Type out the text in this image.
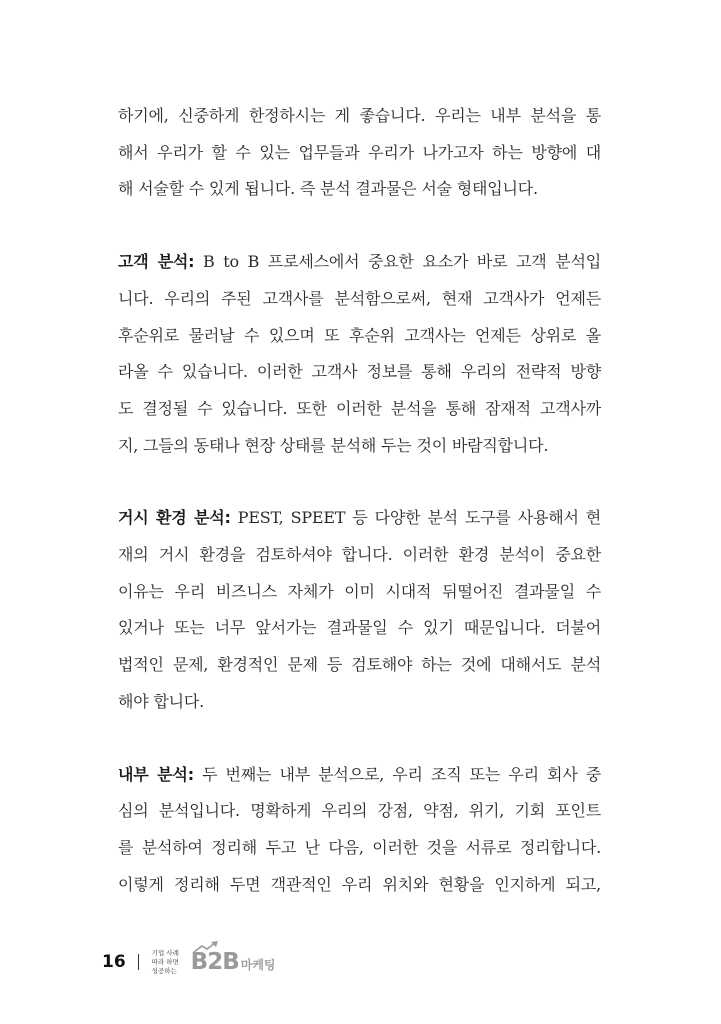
하기에, 신중하게 한정하시는 게 좋습니다. 우리는 내부 분석을 통
해서 우리가 할 수 있는 업무들과 우리가 나가고자 하는 방향에 대
해 서술할 수 있게 됩니다. 즉 분석 결과물은 서술 형태입니다.

고객 분석: B to B 프로세스에서 중요한 요소가 바로 고객 분석입
니다. 우리의 주된 고객사를 분석함으로써, 현재 고객사가 언제든
후순위로 물러날 수 있으며 또 후순위 고객사는 언제든 상위로 올
라올 수 있습니다. 이러한 고객사 정보를 통해 우리의 전략적 방향
도 결정될 수 있습니다. 또한 이러한 분석을 통해 잠재적 고객사까
지, 그들의 동태나 현장 상태를 분석해 두는 것이 바람직합니다.

거시 환경 분석: PEST, SPEET 등 다양한 분석 도구를 사용해서 현
재의 거시 환경을 검토하셔야 합니다. 이러한 환경 분석이 중요한
이유는 우리 비즈니스 자체가 이미 시대적 뒤떨어진 결과물일 수
있거나 또는 너무 앞서가는 결과물일 수 있기 때문입니다. 더불어
법적인 문제, 환경적인 문제 등 검토해야 하는 것에 대해서도 분석
해야 합니다.

내부 분석: 두 번째는 내부 분석으로, 우리 조직 또는 우리 회사 중
심의 분석입니다. 명확하게 우리의 강점, 약점, 위기, 기회 포인트
를 분석하여 정리해 두고 난 다음, 이러한 것을 서류로 정리합니다.
이렇게 정리해 두면 객관적인 우리 위치와 현황을 인지하게 되고,

16	기업 사례
따라 하면
성공하는 B2B 마케팅
